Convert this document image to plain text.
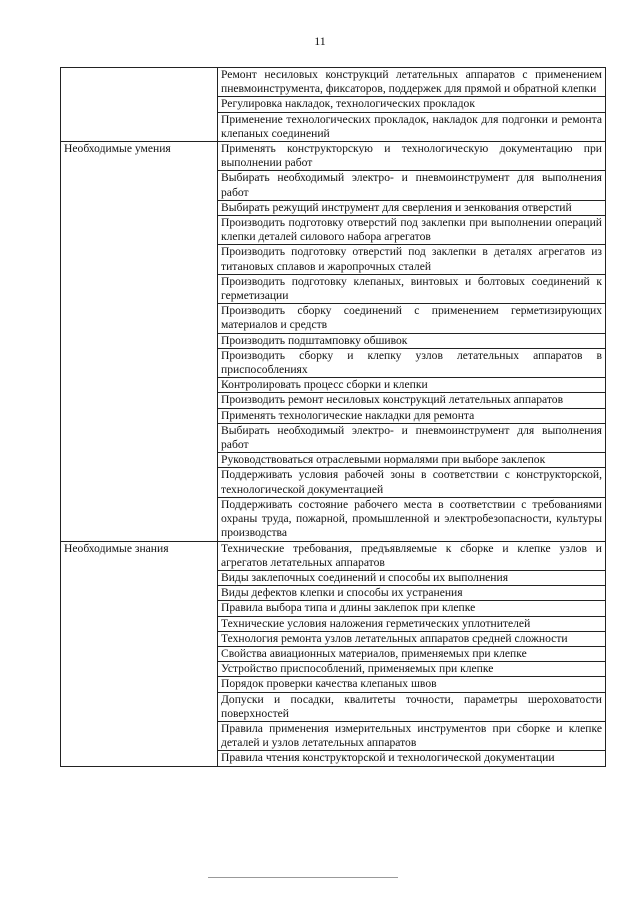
11
	Ремонт несиловых конструкций летательных аппаратов с применением пневмоинструмента, фиксаторов, поддержек для прямой и обратной клепки
	Регулировка накладок, технологических прокладок
	Применение технологических прокладок, накладок для подгонки и ремонта клепаных соединений
Необходимые умения	Применять конструкторскую и технологическую документацию при выполнении работ
	Выбирать необходимый электро- и пневмоинструмент для выполнения работ
	Выбирать режущий инструмент для сверления и зенкования отверстий
	Производить подготовку отверстий под заклепки при выполнении операций клепки деталей силового набора агрегатов
	Производить подготовку отверстий под заклепки в деталях агрегатов из титановых сплавов и жаропрочных сталей
	Производить подготовку клепаных, винтовых и болтовых соединений к герметизации
	Производить сборку соединений с применением герметизирующих материалов и средств
	Производить подштамповку обшивок
	Производить сборку и клепку узлов летательных аппаратов в приспособлениях
	Контролировать процесс сборки и клепки
	Производить ремонт несиловых конструкций летательных аппаратов
	Применять технологические накладки для ремонта
	Выбирать необходимый электро- и пневмоинструмент для выполнения работ
	Руководствоваться отраслевыми нормалями при выборе заклепок
	Поддерживать условия рабочей зоны в соответствии с конструкторской, технологической документацией
	Поддерживать состояние рабочего места в соответствии с требованиями охраны труда, пожарной, промышленной и электробезопасности, культуры производства
Необходимые знания	Технические требования, предъявляемые к сборке и клепке узлов и агрегатов летательных аппаратов
	Виды заклепочных соединений и способы их выполнения
	Виды дефектов клепки и способы их устранения
	Правила выбора типа и длины заклепок при клепке
	Технические условия наложения герметических уплотнителей
	Технология ремонта узлов летательных аппаратов средней сложности
	Свойства авиационных материалов, применяемых при клепке
	Устройство приспособлений, применяемых при клепке
	Порядок проверки качества клепаных швов
	Допуски и посадки, квалитеты точности, параметры шероховатости поверхностей
	Правила применения измерительных инструментов при сборке и клепке деталей и узлов летательных аппаратов
	Правила чтения конструкторской и технологической документации
